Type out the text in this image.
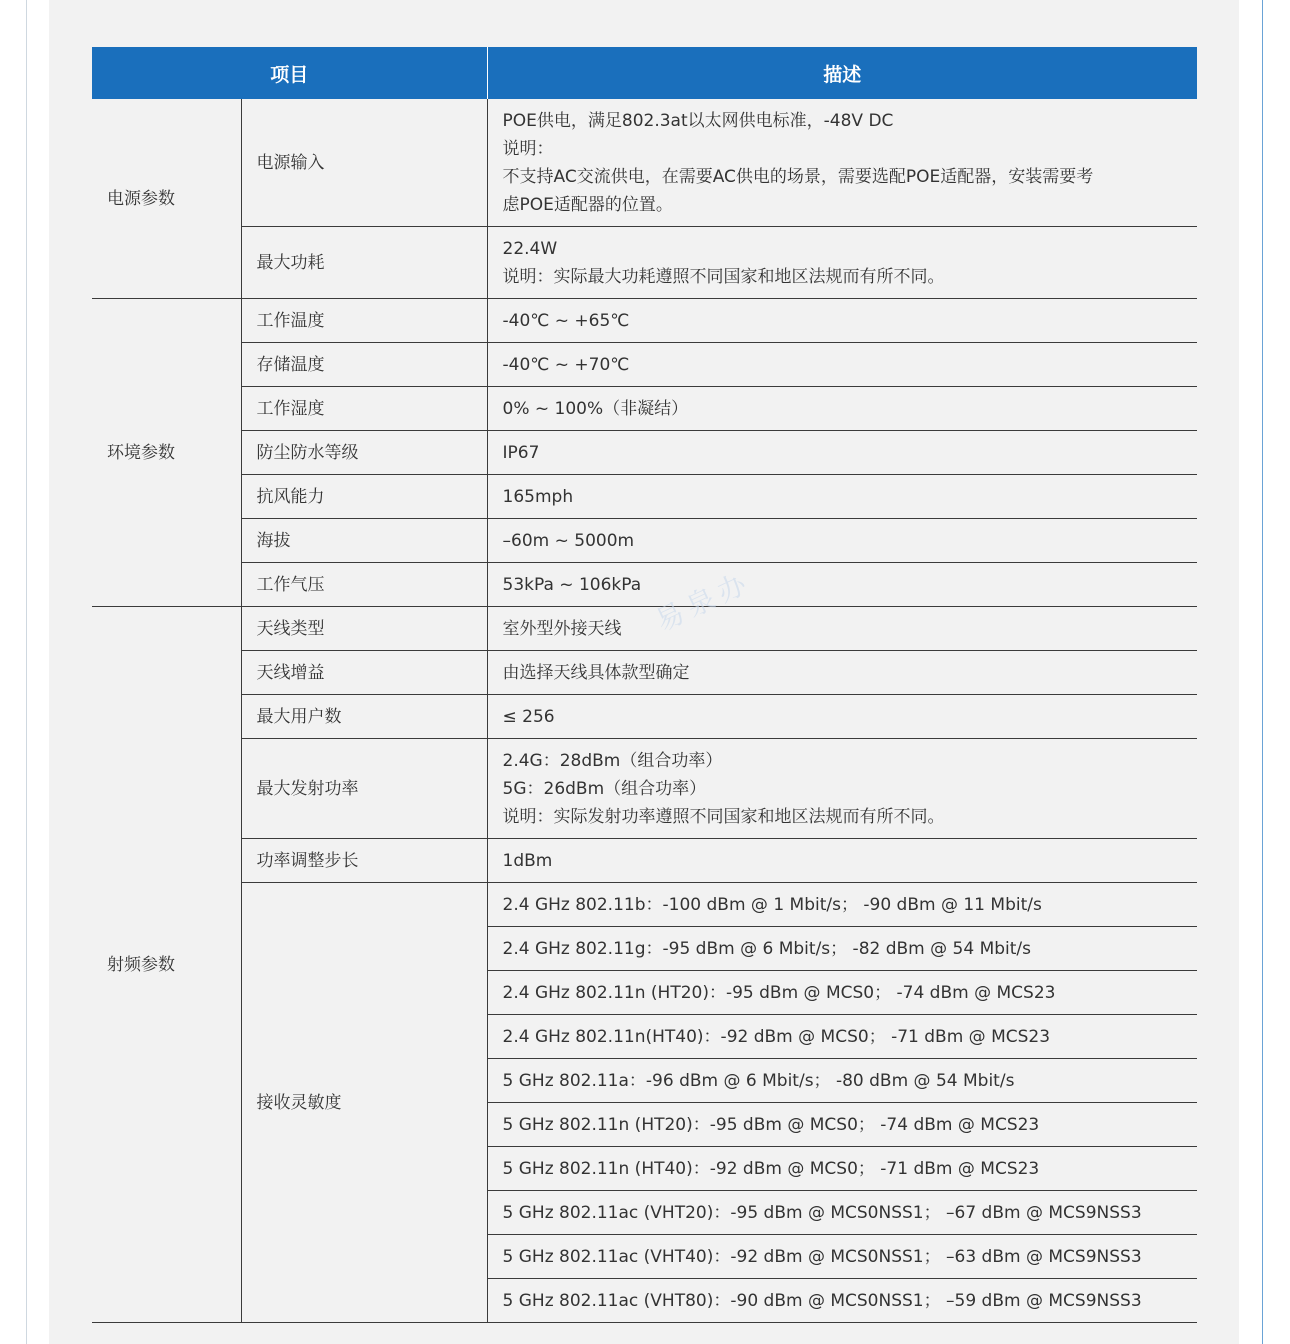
项目		描述
电源参数	电源输入	POE供电，满足802.3at以太网供电标准，-48V DC
说明：
不支持AC交流供电，在需要AC供电的场景，需要选配POE适配器，安装需要考
虑POE适配器的位置。

	最大功耗	22.4W
说明：实际最大功耗遵照不同国家和地区法规而有所不同。

环境参数	工作温度	-40℃ ~ +65℃
	存储温度	-40℃ ~ +70℃
	工作湿度	0% ~ 100%（非凝结）
	防尘防水等级	IP67
	抗风能力	165mph
	海拔	–60m ~ 5000m
	工作气压	53kPa ~ 106kPa
射频参数	天线类型	室外型外接天线
	天线增益	由选择天线具体款型确定
	最大用户数	≤ 256
	最大发射功率	2.4G：28dBm（组合功率）
5G：26dBm（组合功率）
说明：实际发射功率遵照不同国家和地区法规而有所不同。

	功率调整步长	1dBm
	接收灵敏度	2.4 GHz 802.11b：-100 dBm @ 1 Mbit/s； -90 dBm @ 11 Mbit/s
		2.4 GHz 802.11g：-95 dBm @ 6 Mbit/s； -82 dBm @ 54 Mbit/s
		2.4 GHz 802.11n (HT20)：-95 dBm @ MCS0； -74 dBm @ MCS23
		2.4 GHz 802.11n(HT40)：-92 dBm @ MCS0； -71 dBm @ MCS23
		5 GHz 802.11a：-96 dBm @ 6 Mbit/s； -80 dBm @ 54 Mbit/s
		5 GHz 802.11n (HT20)：-95 dBm @ MCS0； -74 dBm @ MCS23
		5 GHz 802.11n (HT40)：-92 dBm @ MCS0； -71 dBm @ MCS23
		5 GHz 802.11ac (VHT20)：-95 dBm @ MCS0NSS1； –67 dBm @ MCS9NSS3
		5 GHz 802.11ac (VHT40)：-92 dBm @ MCS0NSS1； –63 dBm @ MCS9NSS3
		5 GHz 802.11ac (VHT80)：-90 dBm @ MCS0NSS1； –59 dBm @ MCS9NSS3
易泉办
